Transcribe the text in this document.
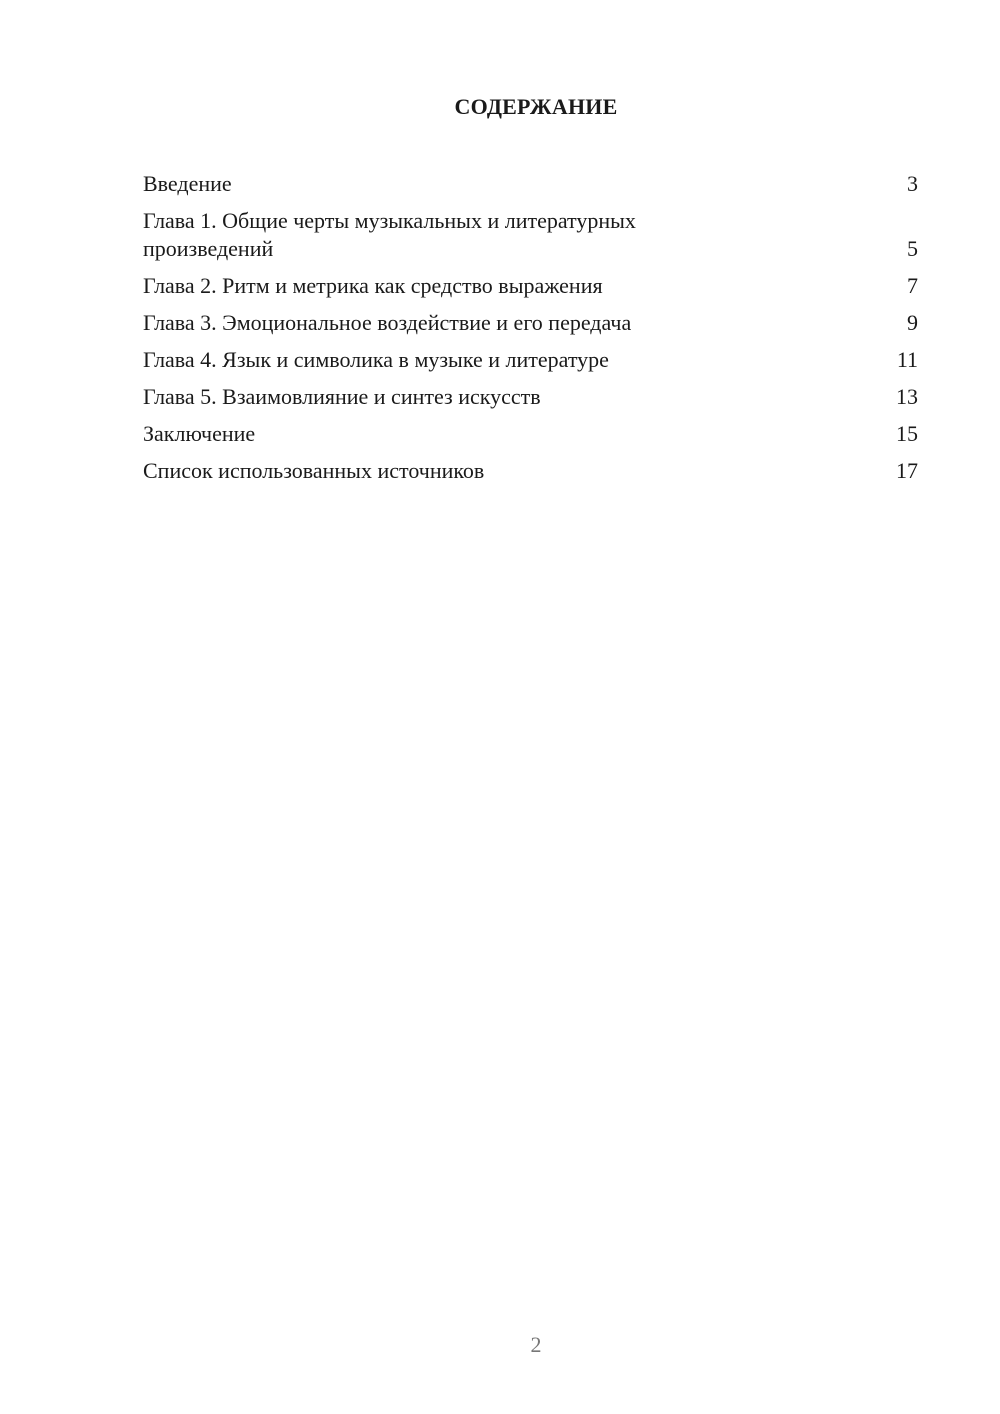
СОДЕРЖАНИЕ
Введение	3
Глава 1. Общие черты музыкальных и литературных произведений	5
Глава 2. Ритм и метрика как средство выражения	7
Глава 3. Эмоциональное воздействие и его передача	9
Глава 4. Язык и символика в музыке и литературе	11
Глава 5. Взаимовлияние и синтез искусств	13
Заключение	15
Список использованных источников	17
2
